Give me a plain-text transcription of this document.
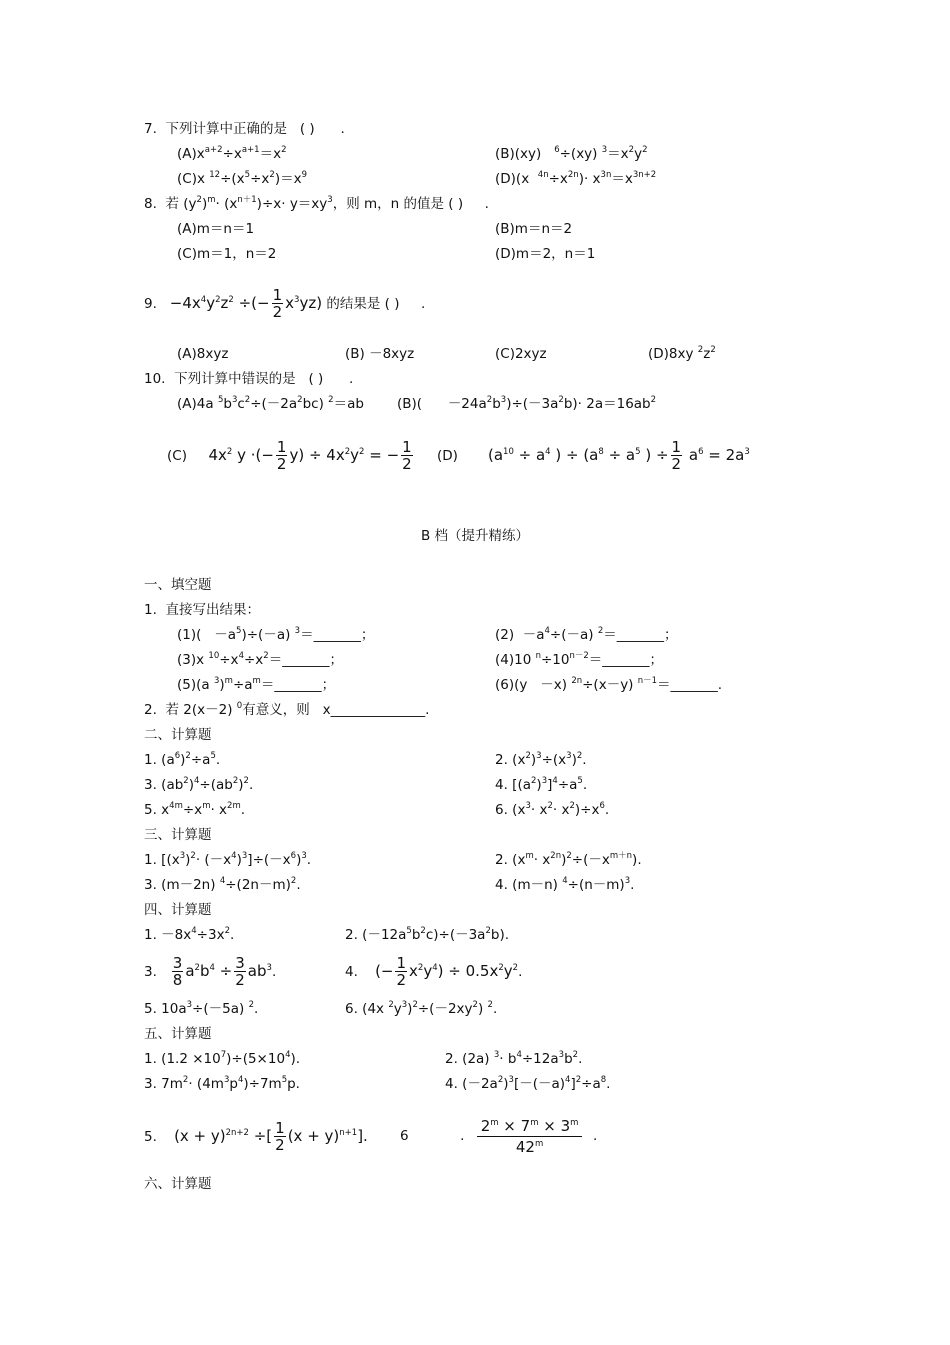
7. 下列计算中正确的是 ( ) .
$(A)x^{a+2}\div x^{a+1}=x^2$	(B)(xy) $^6$÷(xy) $^3=x^2y^2$
(C)x $^{12}\div(x^5\div x^2)=x^9$	(D)(x $^{4n}\div x^{2n})\cdot x^{3n}=x^{3n+2}$
8. 若 $(y^2)^m\cdot (x^{n+1})\div x\cdot y=xy^3$，则 m，n 的值是 ( ) .
(A)m＝n＝1	(B)m＝n＝2
(C)m＝1，n＝2	(D)m＝2，n＝1
9. $-4x^4y^2z^2$ ÷(− $\frac{1}{2} x^3yz$) 的结果是 ( ) .
(A)8xyz	(B) －8xyz	(C)2xyz	(D)8xy $^2z^2$
10. 下列计算中错误的是 ( ) .
(A)4a $^5b^3c^2\div(-2a^2bc)$ $^2$＝ab $(B)( -24a^2b^3)\div(-3a^2b)\cdot 2a=16ab^2$
(C) $4x^2$ y ·(− $\frac{1}{2} y) \div 4x^2y^2$ = − $\frac{1}{2} (D) (a^{10} \div a^4$ ) ÷ ($a^8 \div a^5$ ) ÷ $\frac{1}{2} a^6 = 2a^3$
B 档（提升精练）
一、填空题
1. 直接写出结果：
$(1)( -a^5)\div(-a)$ $^3$＝_______；	$(2) -a^4\div(-a)$ $^2$＝_______；
(3)x $^{10}\div x^4\div x^2=\_\_\_\_\_\_\_$；	(4)10 $^n\div 10^{n-2}=\_\_\_\_\_\_\_$；
(5)(a $^3)^m\div a^m=\_\_\_\_\_\_\_$；	(6)(y －x) $^{2n}$÷(x－y) $^{n-1}$＝_______.
2. 若 2(x－2) $^0$有意义，则 x______________.
二、计算题
1. $(a^6)^2\div a^5$.	2. $(x^2)^3\div(x^3)^2$.
3. $(ab^2)^4\div(ab^2)^2$.	4. $[(a^2)^3]^4\div a^5$.
5. $x^{4m}\div x^m\cdot x^{2m}$.	6. $(x^3\cdot x^2\cdot x^2)\div x^6$.
三、计算题
1. $[(x^3)^2\cdot (-x^4)^3]\div(-x^6)^3$.	2. $(x^m\cdot x^{2n})^2\div(-x^{m+n})$.
3. (m－2n) $^4\div(2n-m)^2$.	4. (m－n) $^4\div(n-m)^3$.
四、计算题
1. $-8x^4\div 3x^2$.	2. $(-12a^5b^2c)\div(-3a^2b)$.
3. $\frac{3}{8} a^2b^4 \div \frac{3}{2} ab^3$.	4. (− $\frac{1}{2} x^2y^4) \div 0.5x^2y^2$.
5. $10a^3\div(-5a)$ $^2$.	6. (4x $^2y^3)^2\div(-2xy^2)$ $^2$.
五、计算题
1. $(1.2 \times 10^7)\div(5\times 10^4)$.	2. (2a) $^3\cdot b^4\div 12a^3b^2$.
3. $7m^2\cdot (4m^3p^4)\div 7m^5p$.	4. $(-2a^2)^3[-(-a)^4]^2\div a^8$.
5. $(x + y)^{2n+2}$ ÷[ $\frac{1}{2} (x + y)^{n+1}$]. 6	. $\frac{2^m \times 7^m \times 3^m}{42^m}$ .
六、计算题
